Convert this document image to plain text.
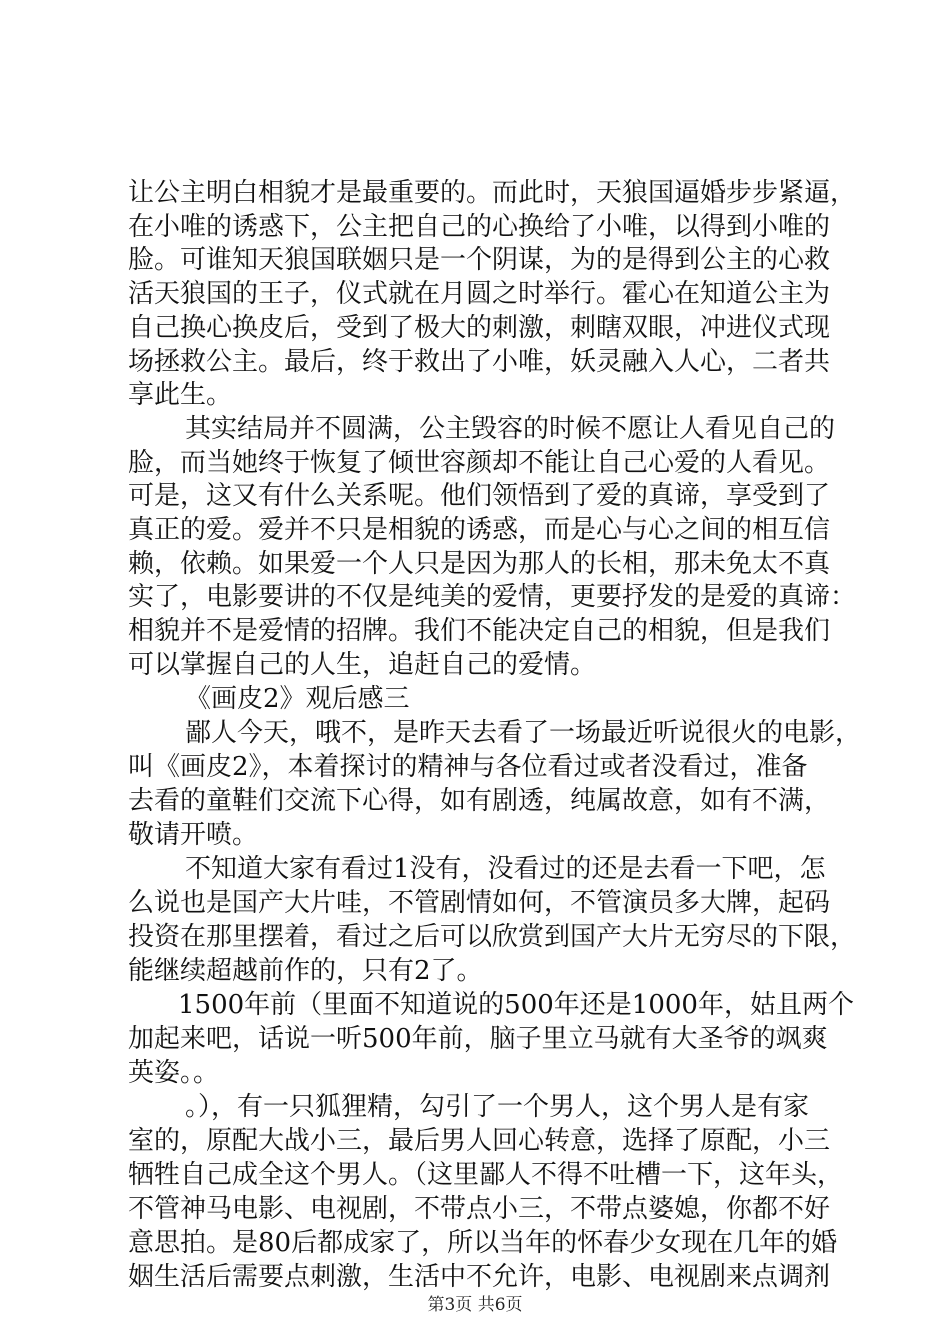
让公主明白相貌才是最重要的。而此时，天狼国逼婚步步紧逼，
在小唯的诱惑下，公主把自己的心换给了小唯，以得到小唯的
脸。可谁知天狼国联姻只是一个阴谋，为的是得到公主的心救
活天狼国的王子，仪式就在月圆之时举行。霍心在知道公主为
自己换心换皮后，受到了极大的刺激，刺瞎双眼，冲进仪式现
场拯救公主。最后，终于救出了小唯，妖灵融入人心，二者共
享此生。
其实结局并不圆满，公主毁容的时候不愿让人看见自己的
脸，而当她终于恢复了倾世容颜却不能让自己心爱的人看见。
可是，这又有什么关系呢。他们领悟到了爱的真谛，享受到了
真正的爱。爱并不只是相貌的诱惑，而是心与心之间的相互信
赖，依赖。如果爱一个人只是因为那人的长相，那未免太不真
实了，电影要讲的不仅是纯美的爱情，更要抒发的是爱的真谛：
相貌并不是爱情的招牌。我们不能决定自己的相貌，但是我们
可以掌握自己的人生，追赶自己的爱情。
《画皮2》观后感三
鄙人今天，哦不，是昨天去看了一场最近听说很火的电影，
叫《画皮2》，本着探讨的精神与各位看过或者没看过，准备
去看的童鞋们交流下心得，如有剧透，纯属故意，如有不满，
敬请开喷。
不知道大家有看过1没有，没看过的还是去看一下吧，怎
么说也是国产大片哇，不管剧情如何，不管演员多大牌，起码
投资在那里摆着，看过之后可以欣赏到国产大片无穷尽的下限，
能继续超越前作的，只有2了。
1500年前（里面不知道说的500年还是1000年，姑且两个
加起来吧，话说一听500年前，脑子里立马就有大圣爷的飒爽
英姿。。
。），有一只狐狸精，勾引了一个男人，这个男人是有家
室的，原配大战小三，最后男人回心转意，选择了原配，小三
牺牲自己成全这个男人。（这里鄙人不得不吐槽一下，这年头，
不管神马电影、电视剧，不带点小三，不带点婆媳，你都不好
意思拍。是80后都成家了，所以当年的怀春少女现在几年的婚
姻生活后需要点刺激，生活中不允许，电影、电视剧来点调剂
第3页 共6页
